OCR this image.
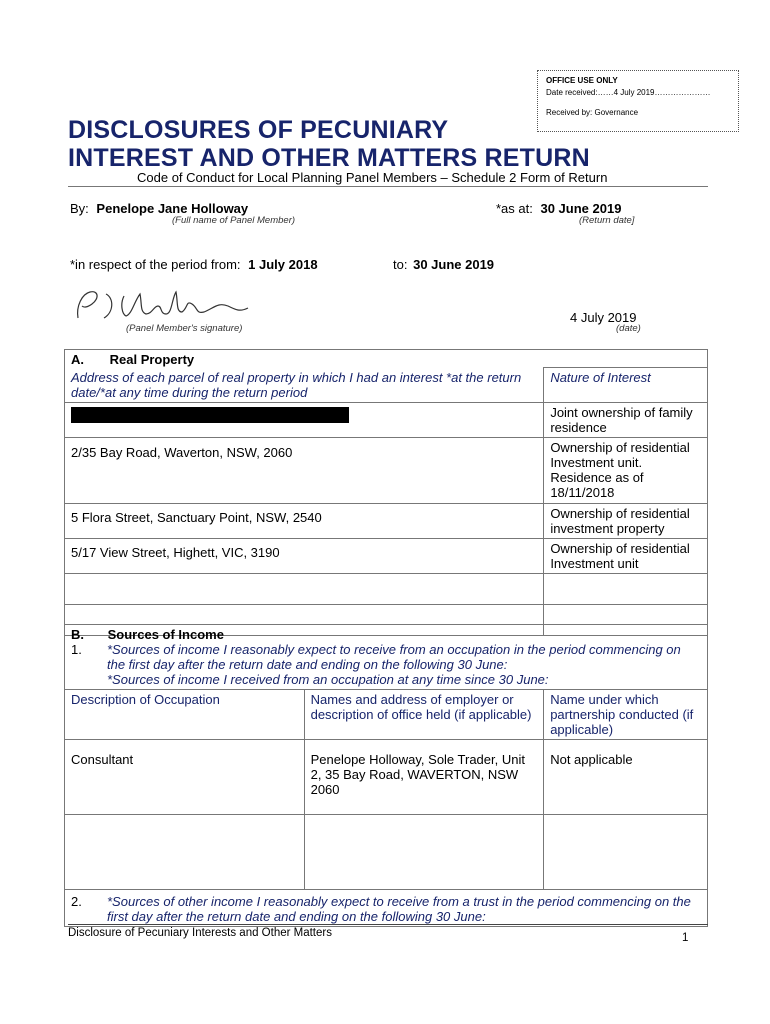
OFFICE USE ONLY
Date received:……4 July 2019…………………
Received by: Governance
DISCLOSURES OF PECUNIARY
INTEREST AND OTHER MATTERS RETURN
Code of Conduct for Local Planning Panel Members – Schedule 2 Form of Return
By: Penelope Jane Holloway
(Full name of Panel Member)
*as at: 30 June 2019
(Return date]
*in respect of the period from: 1 July 2018	to: 30 June 2019
(Panel Member's signature)
4 July 2019
(date)
A. Real Property	
Address of each parcel of real property in which I had an interest *at the return date/*at any time during the return period	Nature of Interest
	Joint ownership of family residence
2/35 Bay Road, Waverton, NSW, 2060	Ownership of residential Investment unit. Residence as of 18/11/2018
5 Flora Street, Sanctuary Point, NSW, 2540	Ownership of residential investment property
5/17 View Street, Highett, VIC, 3190	Ownership of residential Investment unit

B. Sources of Income		

1. *Sources of income I reasonably expect to receive from an occupation in the period commencing on the first day after the return date and ending on the following 30 June:
*Sources of income I received from an occupation at any time since 30 June:		

Description of Occupation	Names and address of employer or description of office held (if applicable)	Name under which partnership conducted (if applicable)
Consultant	Penelope Holloway, Sole Trader, Unit 2, 35 Bay Road, WAVERTON, NSW 2060	Not applicable

2. *Sources of other income I reasonably expect to receive from a trust in the period commencing on the first day after the return date and ending on the following 30 June:		
Disclosure of Pecuniary Interests and Other Matters	1
